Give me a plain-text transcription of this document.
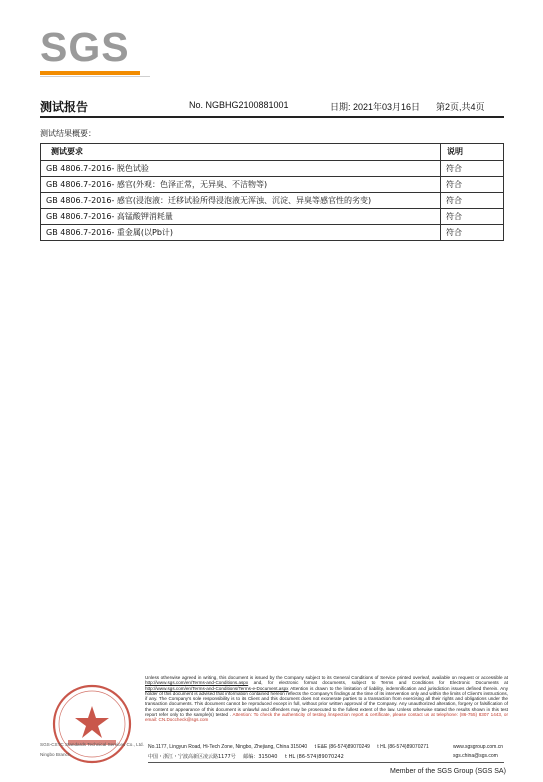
SGS
测试报告	No. NGBHG2100881001	日期: 2021年03月16日 第2页,共4页
测试结果概要：
测试要求	说明
GB 4806.7-2016- 脱色试验	符合
GB 4806.7-2016- 感官(外观：色泽正常，无异臭、不洁物等)	符合
GB 4806.7-2016- 感官(浸泡液：迁移试验所得浸泡液无浑浊、沉淀、异臭等感官性的劣变)	符合
GB 4806.7-2016- 高锰酸钾消耗量	符合
GB 4806.7-2016- 重金属(以Pb计)	符合
Unless otherwise agreed in writing, this document is issued by the Company subject to its General Conditions of Service printed overleaf, available on request or accessible at http://www.sgs.com/en/Terms-and-Conditions.aspx and, for electronic format documents, subject to Terms and Conditions for Electronic Documents at http://www.sgs.com/en/Terms-and-Conditions/Terms-e-Document.aspx Attention is drawn to the limitation of liability, indemnification and jurisdiction issues defined therein. Any holder of this document is advised that information contained hereon reflects the Company's findings at the time of its intervention only and within the limits of Client's instructions, if any. The Company's sole responsibility is to its Client and this document does not exonerate parties to a transaction from exercising all their rights and obligations under the transaction documents. This document cannot be reproduced except in full, without prior written approval of the Company. Any unauthorized alteration, forgery or falsification of the content or appearance of this document is unlawful and offenders may be prosecuted to the fullest extent of the law. Unless otherwise stated the results shown in this test report refer only to the sample(s) tested . Attention: To check the authenticity of testing /inspection report & certificate, please contact us at telephone: (86-755) 8307 1443, or email: CN.Doccheck@sgs.com
SGS-CSTC Standards Technical Services Co., Ltd.
Ningbo Branch
No.1177, Lingyun Road, Hi-Tech Zone, Ningbo, Zhejiang, China 315040 t E&E (86-574)89070249 t HL (86-574)89070271
中国・浙江・宁波高新区凌云路1177号 邮编：315040 t HL (86-574)89070242
www.sgsgroup.com.cn
sgs.china@sgs.com
Member of the SGS Group (SGS SA)
